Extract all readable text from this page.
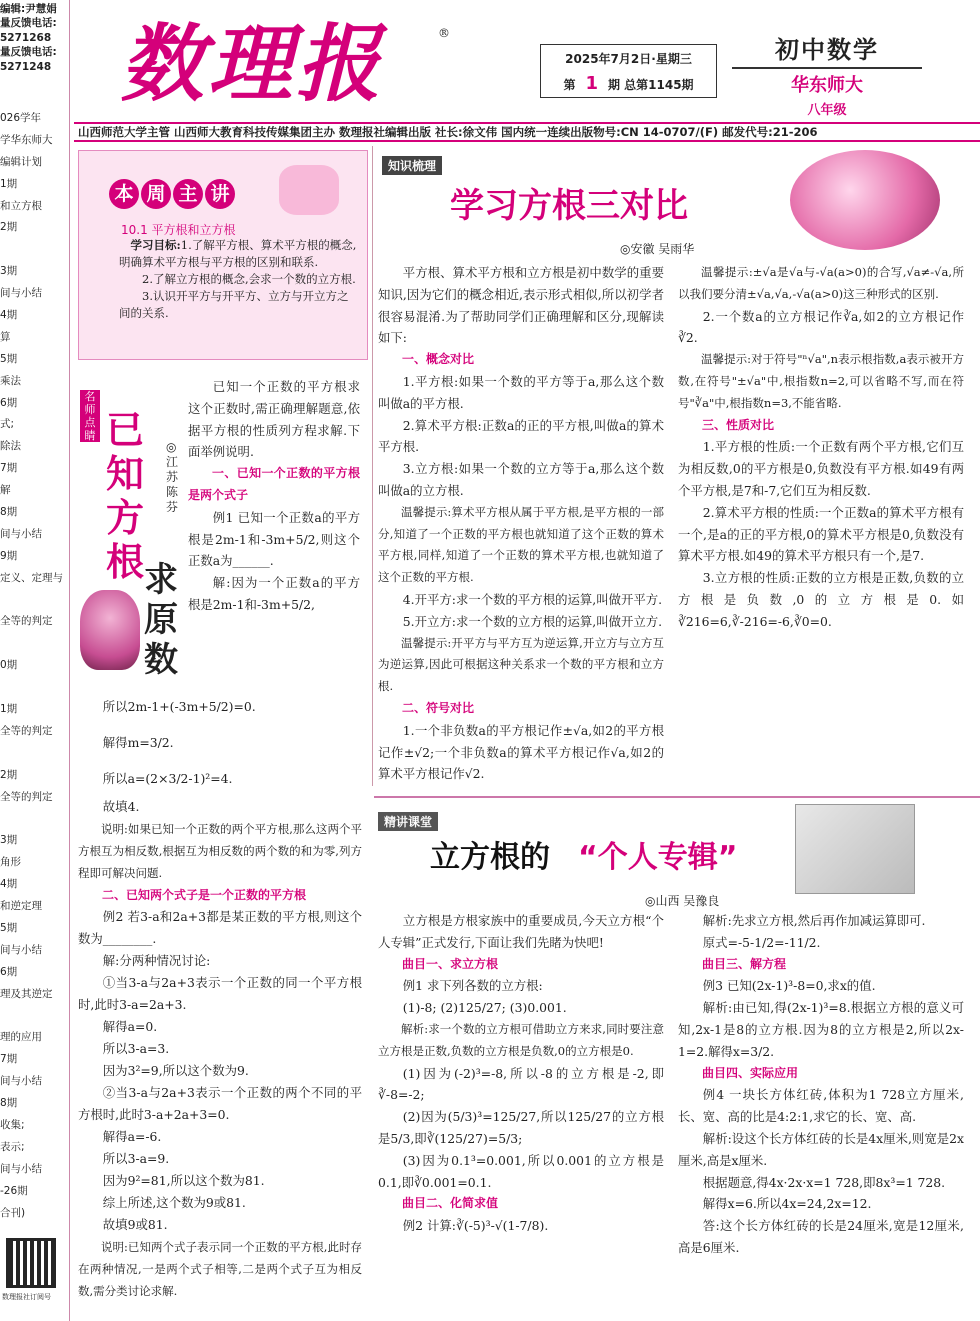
编辑:尹慧娟
量反馈电话:
5271268
量反馈电话:
5271248
026学年
学华东师大
编辑计划
1期
和立方根
2期
3期
间与小结
4期
算
5期
乘法
6期
式;
除法
7期
解
8期
间与小结
9期
定义、定理与
全等的判定
0期
1期
全等的判定
2期
全等的判定
3期
角形
4期
和逆定理
5期
间与小结
6期
理及其逆定
理的应用
7期
间与小结
8期
收集;
表示;
间与小结
-26期
合刊)
数理报社订阅号
数理报	®
2025年7月2日·星期三
第 1 期 总第1145期
初中数学
华东师大
八年级
山西师范大学主管 山西师大教育科技传媒集团主办 数理报社编辑出版 社长:徐文伟 国内统一连续出版物号:CN 14-0707/(F) 邮发代号:21-206
本 周 主 讲
10.1 平方根和立方根
学习目标:1.了解平方根、算术平方根的概念,明确算术平方根与平方根的区别和联系.
2.了解立方根的概念,会求一个数的立方根.
3.认识开平方与开平方、立方与开立方之间的关系.
名师点睛 已知方根 求原数
◎江苏 陈 芬

已知一个正数的平方根求这个正数时,需正确理解题意,依据平方根的性质列方程求解.下面举例说明.

一、已知一个正数的平方根是两个式子

例1 已知一个正数a的平方根是2m-1和-3m+5/2,则这个正数a为______.

解:因为一个正数a的平方根是2m-1和-3m+5/2,

所以2m-1+(-3m+5/2)=0.

解得m=3/2.

所以a=(2×3/2-1)²=4.

故填4.

说明:如果已知一个正数的两个平方根,那么这两个平方根互为相反数,根据互为相反数的两个数的和为零,列方程即可解决问题.

二、已知两个式子是一个正数的平方根

例2 若3-a和2a+3都是某正数的平方根,则这个数为________.

解:分两种情况讨论:

①当3-a与2a+3表示一个正数的同一个平方根时,此时3-a=2a+3.

解得a=0.

所以3-a=3.

因为3²=9,所以这个数为9.

②当3-a与2a+3表示一个正数的两个不同的平方根时,此时3-a+2a+3=0.

解得a=-6.

所以3-a=9.

因为9²=81,所以这个数为81.

综上所述,这个数为9或81.

故填9或81.

说明:已知两个式子表示同一个正数的平方根,此时存在两种情况,一是两个式子相等,二是两个式子互为相反数,需分类讨论求解.

知识梳理
学习方根三对比
◎安徽 吴雨华

平方根、算术平方根和立方根是初中数学的重要知识,因为它们的概念相近,表示形式相似,所以初学者很容易混淆.为了帮助同学们正确理解和区分,现解读如下:

一、概念对比

1.平方根:如果一个数的平方等于a,那么这个数叫做a的平方根.

2.算术平方根:正数a的正的平方根,叫做a的算术平方根.

3.立方根:如果一个数的立方等于a,那么这个数叫做a的立方根.

温馨提示:算术平方根从属于平方根,是平方根的一部分,知道了一个正数的平方根也就知道了这个正数的算术平方根,同样,知道了一个正数的算术平方根,也就知道了这个正数的平方根.

4.开平方:求一个数的平方根的运算,叫做开平方.

5.开立方:求一个数的立方根的运算,叫做开立方.

温馨提示:开平方与平方互为逆运算,开立方与立方互为逆运算,因此可根据这种关系求一个数的平方根和立方根.

二、符号对比

1.一个非负数a的平方根记作±√a,如2的平方根记作±√2;一个非负数a的算术平方根记作√a,如2的算术平方根记作√2.

温馨提示:±√a是√a与-√a(a>0)的合写,√a≠-√a,所以我们要分清±√a,√a,-√a(a>0)这三种形式的区别.

2.一个数a的立方根记作∛a,如2的立方根记作∛2.

温馨提示:对于符号"ⁿ√a",n表示根指数,a表示被开方数,在符号"±√a"中,根指数n=2,可以省略不写,而在符号"∛a"中,根指数n=3,不能省略.

三、性质对比

1.平方根的性质:一个正数有两个平方根,它们互为相反数,0的平方根是0,负数没有平方根.如49有两个平方根,是7和-7,它们互为相反数.

2.算术平方根的性质:一个正数a的算术平方根有一个,是a的正的平方根,0的算术平方根是0,负数没有算术平方根.如49的算术平方根只有一个,是7.

3.立方根的性质:正数的立方根是正数,负数的立方根是负数,0的立方根是0.如∛216=6,∛-216=-6,∛0=0.

精讲课堂
立方根的 “个人专辑”
◎山西 吴豫良

立方根是方根家族中的重要成员,今天立方根“个人专辑”正式发行,下面让我们先睹为快吧!

曲目一、求立方根

例1 求下列各数的立方根:

(1)-8; (2)125/27; (3)0.001.

解析:求一个数的立方根可借助立方来求,同时要注意立方根是正数,负数的立方根是负数,0的立方根是0.

(1)因为(-2)³=-8,所以-8的立方根是-2,即∛-8=-2;

(2)因为(5/3)³=125/27,所以125/27的立方根是5/3,即∛(125/27)=5/3;

(3)因为0.1³=0.001,所以0.001的立方根是0.1,即∛0.001=0.1.

曲目二、化简求值

例2 计算:∛(-5)³-√(1-7/8).

解析:先求立方根,然后再作加减运算即可.

原式=-5-1/2=-11/2.

曲目三、解方程

例3 已知(2x-1)³-8=0,求x的值.

解析:由已知,得(2x-1)³=8.根据立方根的意义可知,2x-1是8的立方根.因为8的立方根是2,所以2x-1=2.解得x=3/2.

曲目四、实际应用

例4 一块长方体红砖,体积为1 728立方厘米,长、宽、高的比是4:2:1,求它的长、宽、高.

解析:设这个长方体红砖的长是4x厘米,则宽是2x厘米,高是x厘米.

根据题意,得4x·2x·x=1 728,即8x³=1 728.

解得x=6.所以4x=24,2x=12.

答:这个长方体红砖的长是24厘米,宽是12厘米,高是6厘米.
